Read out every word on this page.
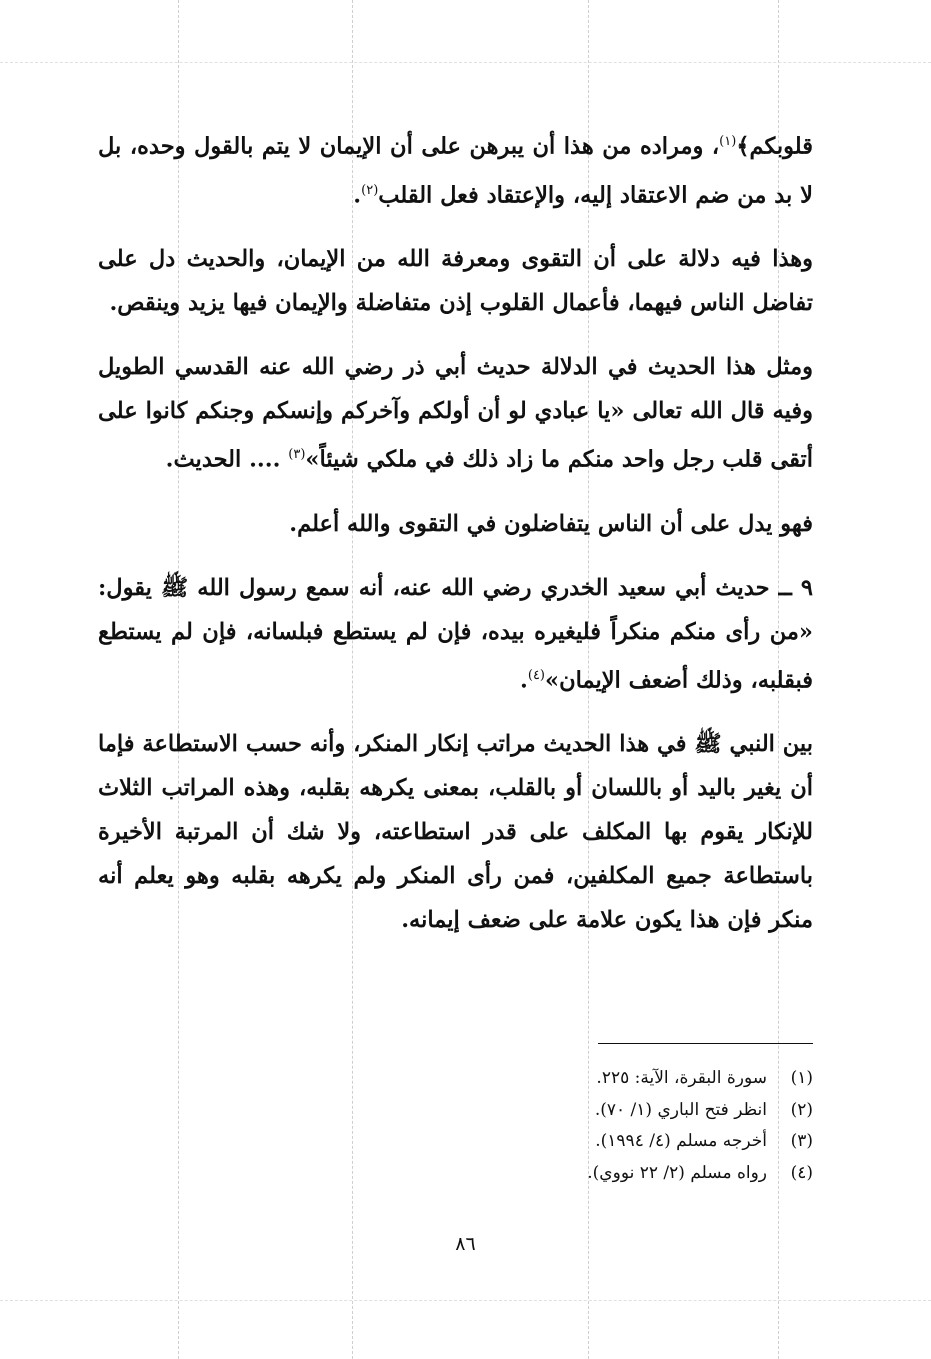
قلوبكم﴾$^{(١)}$، ومراده من هذا أن يبرهن على أن الإيمان لا يتم بالقول وحده، بل لا بد من ضم الاعتقاد إليه، والإعتقاد فعل القلب$^{(٢)}$.

وهذا فيه دلالة على أن التقوى ومعرفة الله من الإيمان، والحديث دل على تفاضل الناس فيهما، فأعمال القلوب إذن متفاضلة والإيمان فيها يزيد وينقص.

ومثل هذا الحديث في الدلالة حديث أبي ذر رضي الله عنه القدسي الطويل وفيه قال الله تعالى «يا عبادي لو أن أولكم وآخركم وإنسكم وجنكم كانوا على أتقى قلب رجل واحد منكم ما زاد ذلك في ملكي شيئاً»$^{(٣)}$ .... الحديث.

فهو يدل على أن الناس يتفاضلون في التقوى والله أعلم.

٩ ــ حديث أبي سعيد الخدري رضي الله عنه، أنه سمع رسول الله ﷺ يقول: «من رأى منكم منكراً فليغيره بيده، فإن لم يستطع فبلسانه، فإن لم يستطع فبقلبه، وذلك أضعف الإيمان»$^{(٤)}$.

بين النبي ﷺ في هذا الحديث مراتب إنكار المنكر، وأنه حسب الاستطاعة فإما أن يغير باليد أو باللسان أو بالقلب، بمعنى يكرهه بقلبه، وهذه المراتب الثلاث للإنكار يقوم بها المكلف على قدر استطاعته، ولا شك أن المرتبة الأخيرة باستطاعة جميع المكلفين، فمن رأى المنكر ولم يكرهه بقلبه وهو يعلم أنه منكر فإن هذا يكون علامة على ضعف إيمانه.

(١)سورة البقرة، الآية: ٢٢٥.
(٢)انظر فتح الباري (١/ ٧٠).
(٣)أخرجه مسلم (٤/ ١٩٩٤).
(٤)رواه مسلم (٢/ ٢٢ نووي).
٨٦
